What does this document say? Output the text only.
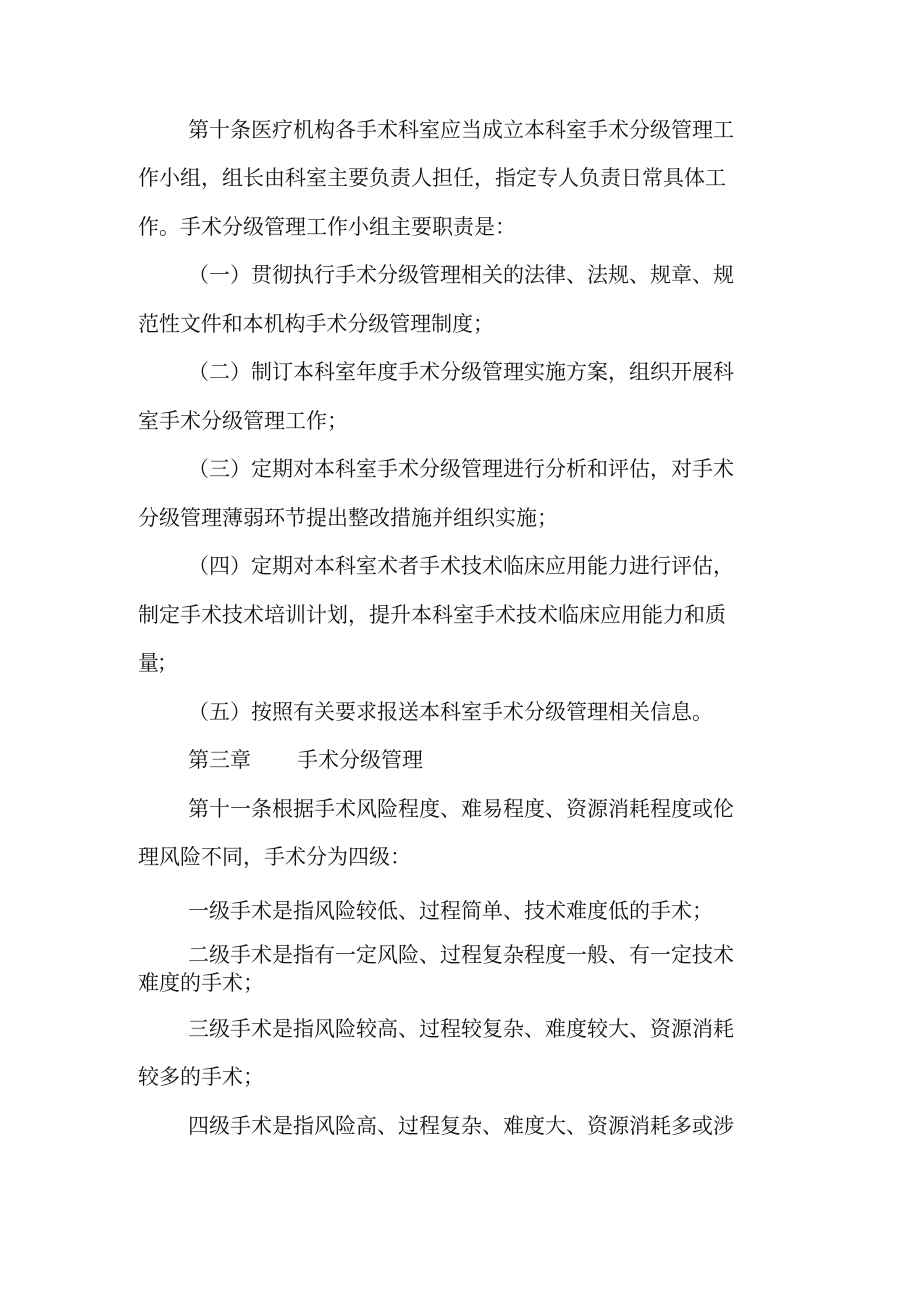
第十条医疗机构各手术科室应当成立本科室手术分级管理工

作小组，组长由科室主要负责人担任，指定专人负责日常具体工

作。手术分级管理工作小组主要职责是：

（一）贯彻执行手术分级管理相关的法律、法规、规章、规

范性文件和本机构手术分级管理制度；

（二）制订本科室年度手术分级管理实施方案，组织开展科

室手术分级管理工作；

（三）定期对本科室手术分级管理进行分析和评估，对手术

分级管理薄弱环节提出整改措施并组织实施；

（四）定期对本科室术者手术技术临床应用能力进行评估，

制定手术技术培训计划，提升本科室手术技术临床应用能力和质

量；

（五）按照有关要求报送本科室手术分级管理相关信息。

第三章 手术分级管理

第十一条根据手术风险程度、难易程度、资源消耗程度或伦

理风险不同，手术分为四级：

一级手术是指风险较低、过程简单、技术难度低的手术；

二级手术是指有一定风险、过程复杂程度一般、有一定技术

难度的手术；

三级手术是指风险较高、过程较复杂、难度较大、资源消耗

较多的手术；

四级手术是指风险高、过程复杂、难度大、资源消耗多或涉
